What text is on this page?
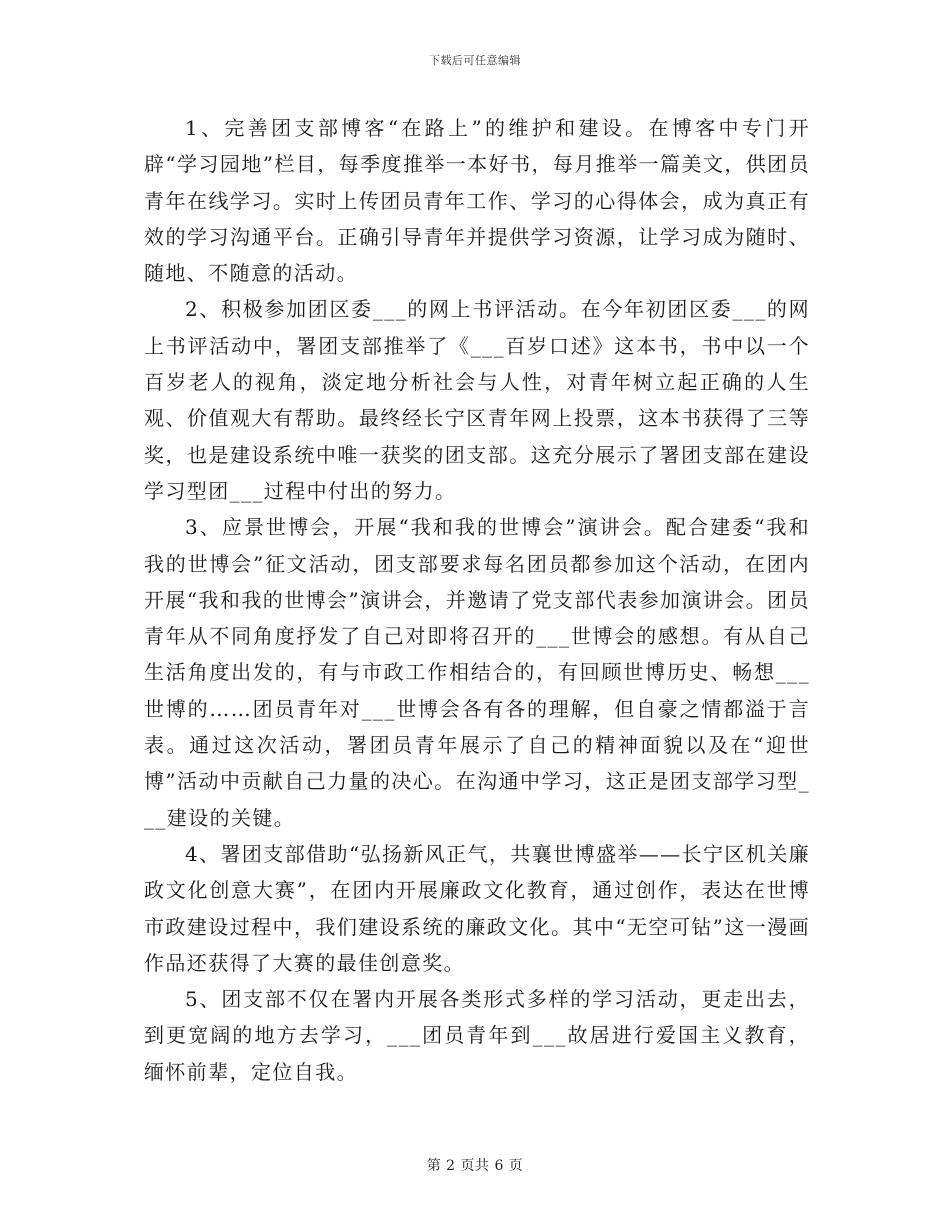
下载后可任意编辑

1、完善团支部博客“在路上”的维护和建设。在博客中专门开辟“学习园地”栏目，每季度推举一本好书，每月推举一篇美文，供团员青年在线学习。实时上传团员青年工作、学习的心得体会，成为真正有效的学习沟通平台。正确引导青年并提供学习资源，让学习成为随时、随地、不随意的活动。

2、积极参加团区委___的网上书评活动。在今年初团区委___的网上书评活动中，署团支部推举了《___百岁口述》这本书，书中以一个百岁老人的视角，淡定地分析社会与人性，对青年树立起正确的人生观、价值观大有帮助。最终经长宁区青年网上投票，这本书获得了三等奖，也是建设系统中唯一获奖的团支部。这充分展示了署团支部在建设学习型团___过程中付出的努力。

3、应景世博会，开展“我和我的世博会”演讲会。配合建委“我和我的世博会”征文活动，团支部要求每名团员都参加这个活动，在团内开展“我和我的世博会”演讲会，并邀请了党支部代表参加演讲会。团员青年从不同角度抒发了自己对即将召开的___世博会的感想。有从自己生活角度出发的，有与市政工作相结合的，有回顾世博历史、畅想___世博的……团员青年对___世博会各有各的理解，但自豪之情都溢于言表。通过这次活动，署团员青年展示了自己的精神面貌以及在“迎世博”活动中贡献自己力量的决心。在沟通中学习，这正是团支部学习型___建设的关键。

4、署团支部借助“弘扬新风正气，共襄世博盛举——长宁区机关廉政文化创意大赛”，在团内开展廉政文化教育，通过创作，表达在世博市政建设过程中，我们建设系统的廉政文化。其中“无空可钻”这一漫画作品还获得了大赛的最佳创意奖。

5、团支部不仅在署内开展各类形式多样的学习活动，更走出去，到更宽阔的地方去学习，___团员青年到___故居进行爱国主义教育，缅怀前辈，定位自我。

第 2 页共 6 页
